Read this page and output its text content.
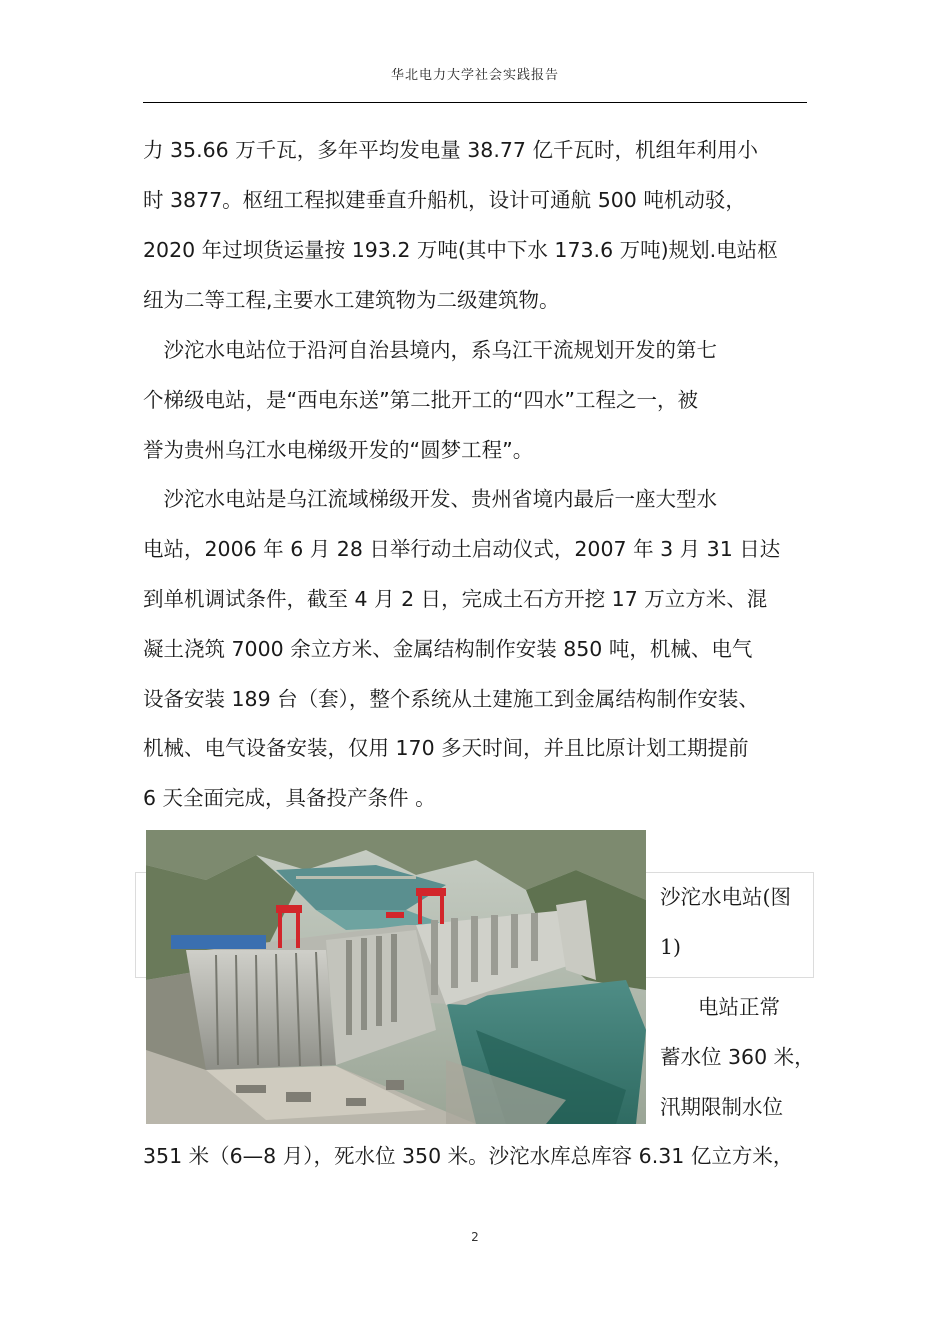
华北电力大学社会实践报告
力 35.66 万千瓦，多年平均发电量 38.77 亿千瓦时，机组年利用小
时 3877。枢纽工程拟建垂直升船机，设计可通航 500 吨机动驳，
2020 年过坝货运量按 193.2 万吨(其中下水 173.6 万吨)规划.电站枢
纽为二等工程,主要水工建筑物为二级建筑物。
　沙沱水电站位于沿河自治县境内，系乌江干流规划开发的第七
个梯级电站，是“西电东送”第二批开工的“四水”工程之一，被
誉为贵州乌江水电梯级开发的“圆梦工程”。
　沙沱水电站是乌江流域梯级开发、贵州省境内最后一座大型水
电站，2006 年 6 月 28 日举行动土启动仪式，2007 年 3 月 31 日达
到单机调试条件，截至 4 月 2 日，完成土石方开挖 17 万立方米、混
凝土浇筑 7000 余立方米、金属结构制作安装 850 吨，机械、电气
设备安装 189 台（套），整个系统从土建施工到金属结构制作安装、
机械、电气设备安装，仅用 170 多天时间，并且比原计划工期提前
6 天全面完成，具备投产条件 。
沙沱水电站(图
1)
电站正常
蓄水位 360 米，
汛期限制水位
351 米（6—8 月），死水位 350 米。沙沱水库总库容 6.31 亿立方米，
2
